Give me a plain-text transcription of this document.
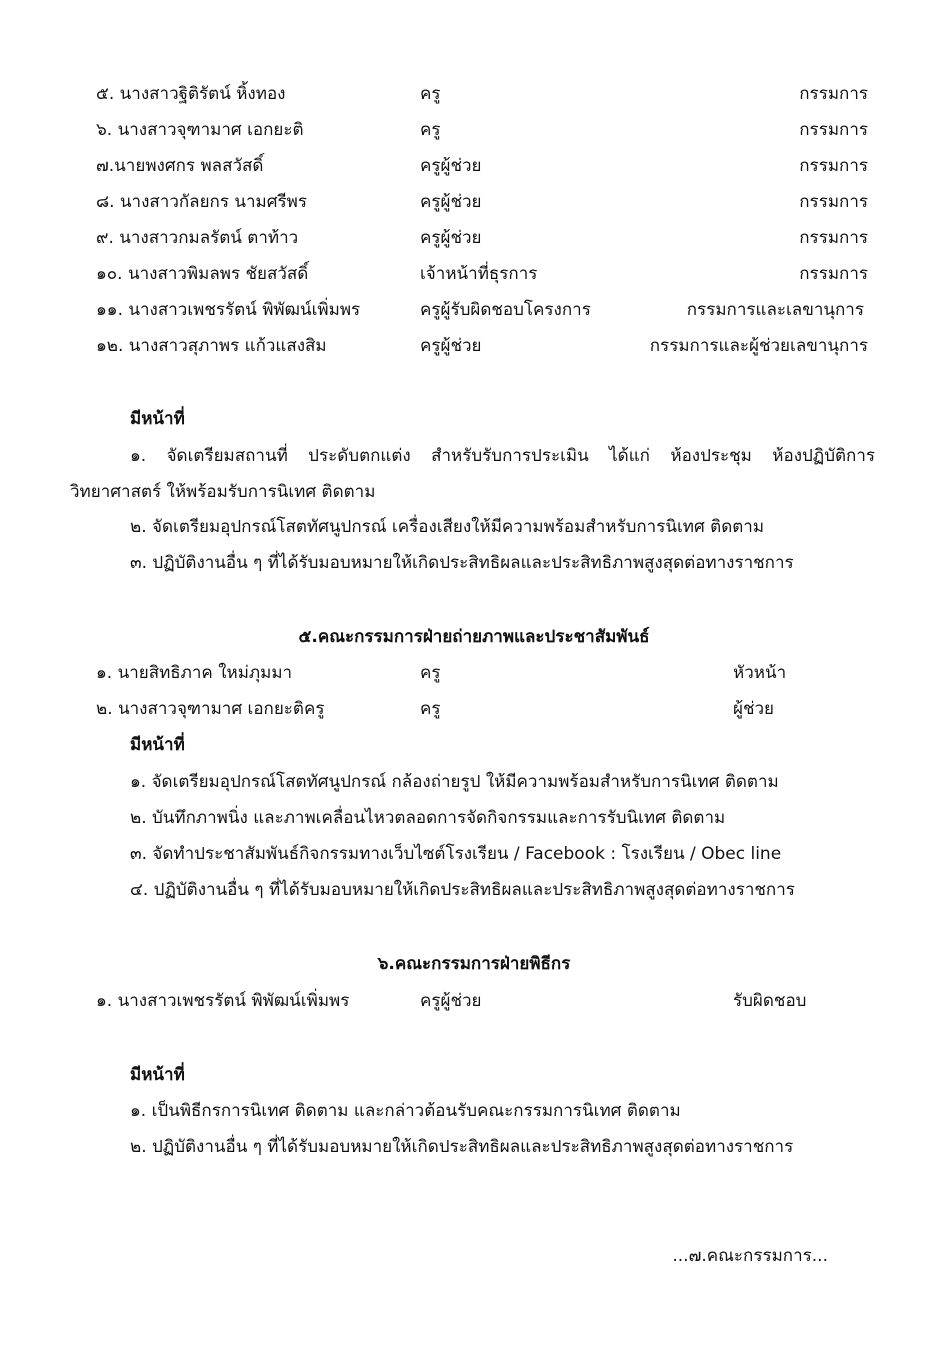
๕. นางสาวฐิติรัตน์ หิ้งทอง	ครู	กรรมการ
๖. นางสาวจุฑามาศ เอกยะติ	ครู	กรรมการ
๗.นายพงศกร พลสวัสดิ์	ครูผู้ช่วย	กรรมการ
๘. นางสาวกัลยกร นามศรีพร	ครูผู้ช่วย	กรรมการ
๙. นางสาวกมลรัตน์ ตาท้าว	ครูผู้ช่วย	กรรมการ
๑๐. นางสาวพิมลพร ชัยสวัสดิ์	เจ้าหน้าที่ธุรการ	กรรมการ
๑๑. นางสาวเพชรรัตน์ พิพัฒน์เพิ่มพร	ครูผู้รับผิดชอบโครงการ	กรรมการและเลขานุการ
๑๒. นางสาวสุภาพร แก้วแสงสิม	ครูผู้ช่วย	กรรมการและผู้ช่วยเลขานุการ
มีหน้าที่
๑. จัดเตรียมสถานที่ ประดับตกแต่ง สำหรับรับการประเมิน ได้แก่ ห้องประชุม ห้องปฏิบัติการวิทยาศาสตร์ ให้พร้อมรับการนิเทศ ติดตาม
๒. จัดเตรียมอุปกรณ์โสตทัศนูปกรณ์ เครื่องเสียงให้มีความพร้อมสำหรับการนิเทศ ติดตาม
๓. ปฏิบัติงานอื่น ๆ ที่ได้รับมอบหมายให้เกิดประสิทธิผลและประสิทธิภาพสูงสุดต่อทางราชการ
๕.คณะกรรมการฝ่ายถ่ายภาพและประชาสัมพันธ์
๑. นายสิทธิภาค ใหม่ภุมมา	ครู	หัวหน้า
๒. นางสาวจุฑามาศ เอกยะติครู	ครู	ผู้ช่วย
มีหน้าที่
๑. จัดเตรียมอุปกรณ์โสตทัศนูปกรณ์ กล้องถ่ายรูป ให้มีความพร้อมสำหรับการนิเทศ ติดตาม
๒. บันทึกภาพนิ่ง และภาพเคลื่อนไหวตลอดการจัดกิจกรรมและการรับนิเทศ ติดตาม
๓. จัดทำประชาสัมพันธ์กิจกรรมทางเว็บไซต์โรงเรียน / Facebook : โรงเรียน / Obec line
๔. ปฏิบัติงานอื่น ๆ ที่ได้รับมอบหมายให้เกิดประสิทธิผลและประสิทธิภาพสูงสุดต่อทางราชการ
๖.คณะกรรมการฝ่ายพิธีกร
๑. นางสาวเพชรรัตน์ พิพัฒน์เพิ่มพร	ครูผู้ช่วย	รับผิดชอบ
มีหน้าที่
๑. เป็นพิธีกรการนิเทศ ติดตาม และกล่าวต้อนรับคณะกรรมการนิเทศ ติดตาม
๒. ปฏิบัติงานอื่น ๆ ที่ได้รับมอบหมายให้เกิดประสิทธิผลและประสิทธิภาพสูงสุดต่อทางราชการ
...๗.คณะกรรมการ...
